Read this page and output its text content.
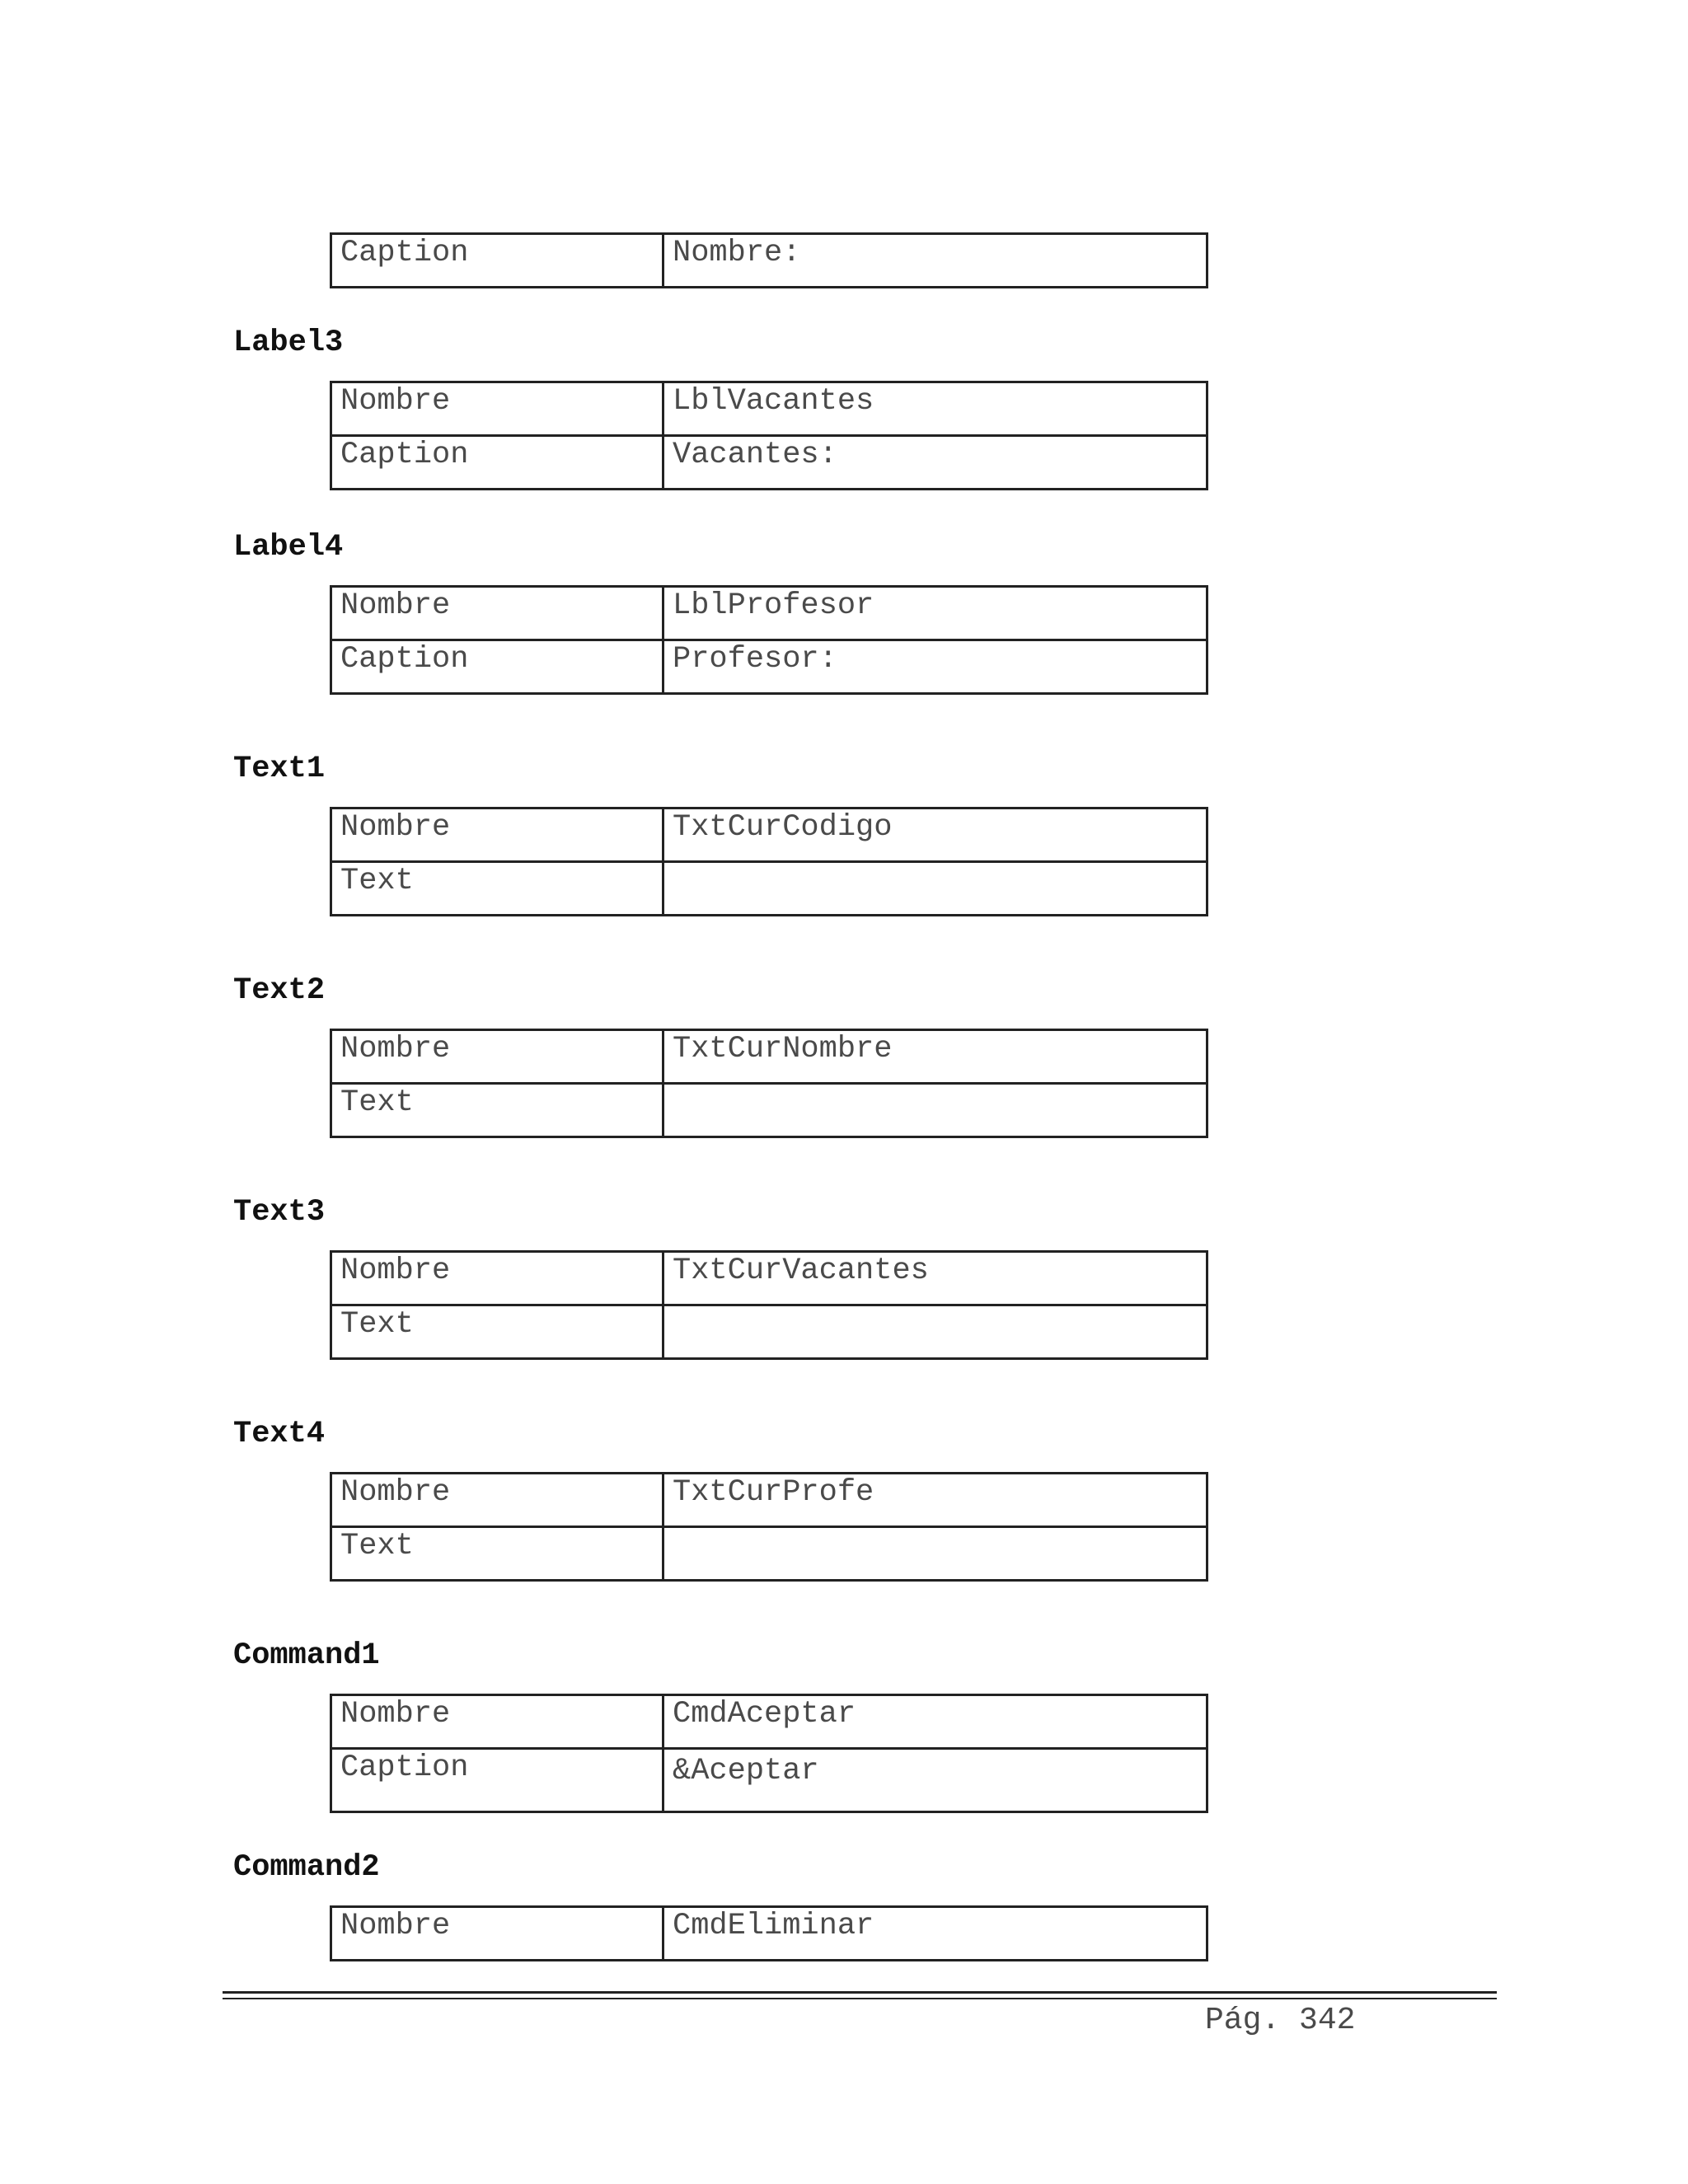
Caption	Nombre:
Label3
Nombre	LblVacantes
Caption	Vacantes:
Label4
Nombre	LblProfesor
Caption	Profesor:
Text1
Nombre	TxtCurCodigo
Text	
Text2
Nombre	TxtCurNombre
Text	
Text3
Nombre	TxtCurVacantes
Text	
Text4
Nombre	TxtCurProfe
Text	
Command1
Nombre	CmdAceptar
Caption	&Aceptar
Command2
Nombre	CmdEliminar
Pág. 342
